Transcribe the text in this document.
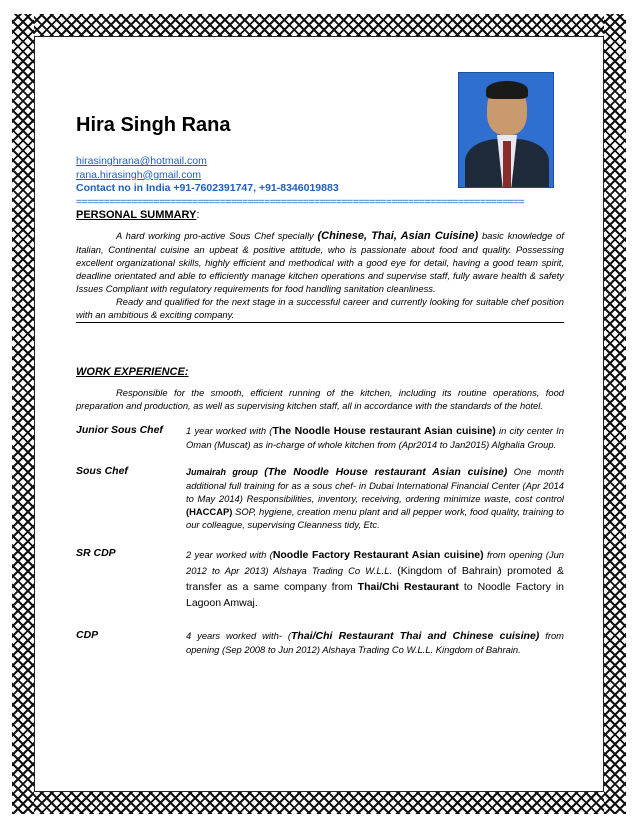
Hira Singh Rana
hirasinghrana@hotmail.com
rana.hirasingh@gmail.com
Contact no in India +91-7602391747, +91-8346019883
=================================================================================
PERSONAL SUMMARY:

A hard working pro-active Sous Chef specially (Chinese, Thai, Asian Cuisine) basic knowledge of Italian, Continental cuisine an upbeat & positive attitude, who is passionate about food and quality. Possessing excellent organizational skills, highly efficient and methodical with a good eye for detail, having a good team spirit, deadline orientated and able to efficiently manage kitchen operations and supervise staff, fully aware health & safety Issues Compliant with regulatory requirements for food handling sanitation cleanliness.

Ready and qualified for the next stage in a successful career and currently looking for suitable chef position with an ambitious & exciting company.

WORK EXPERIENCE:

Responsible for the smooth, efficient running of the kitchen, including its routine operations, food preparation and production, as well as supervising kitchen staff, all in accordance with the standards of the hotel.

Junior Sous Chef	1 year worked with (The Noodle House restaurant Asian cuisine) in city center In Oman (Muscat) as in-charge of whole kitchen from (Apr2014 to Jan2015) Alghalia Group.
Sous Chef	Jumairah group (The Noodle House restaurant Asian cuisine) One month additional full training for as a sous chef- in Dubai International Financial Center (Apr 2014 to May 2014) Responsibilities, inventory, receiving, ordering minimize waste, cost control (HACCAP) SOP, hygiene, creation menu plant and all pepper work, food quality, training to our colleague, supervising Cleanness tidy, Etc.
SR CDP	2 year worked with (Noodle Factory Restaurant Asian cuisine) from opening (Jun 2012 to Apr 2013) Alshaya Trading Co W.L.L. (Kingdom of Bahrain) promoted & transfer as a same company from Thai/Chi Restaurant to Noodle Factory in Lagoon Amwaj.
CDP	4 years worked with- (Thai/Chi Restaurant Thai and Chinese cuisine) from opening (Sep 2008 to Jun 2012) Alshaya Trading Co W.L.L. Kingdom of Bahrain.
